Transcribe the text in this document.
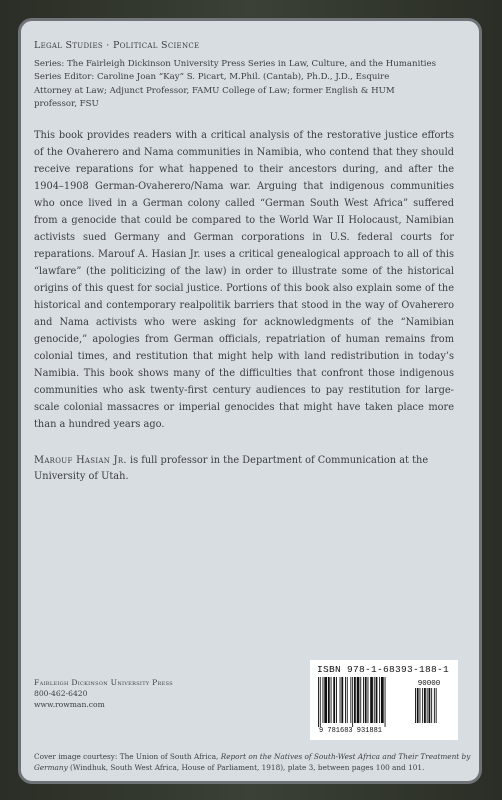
Legal Studies · Political Science

Series: The Fairleigh Dickinson University Press Series in Law, Culture, and the Humanities

Series Editor: Caroline Joan “Kay” S. Picart, M.Phil. (Cantab), Ph.D., J.D., Esquire

Attorney at Law; Adjunct Professor, FAMU College of Law; former English & HUM

professor, FSU

This book provides readers with a critical analysis of the restorative justice efforts of the Ovaherero and Nama communities in Namibia, who contend that they should receive reparations for what happened to their ancestors during, and after the 1904–1908 German-Ovaherero/Nama war. Arguing that indigenous communities who once lived in a German colony called “German South West Africa” suffered from a genocide that could be compared to the World War II Holocaust, Namibian activists sued Germany and German corporations in U.S. federal courts for reparations. Marouf A. Hasian Jr. uses a critical genealogical approach to all of this “lawfare” (the politicizing of the law) in order to illustrate some of the historical origins of this quest for social justice. Portions of this book also explain some of the historical and contemporary realpolitik barriers that stood in the way of Ovaherero and Nama activists who were asking for acknowledgments of the “Namibian genocide,” apologies from German officials, repatriation of human remains from colonial times, and restitution that might help with land redistribution in today’s Namibia. This book shows many of the difficulties that confront those indigenous communities who ask twenty-first century audiences to pay restitution for large-scale colonial massacres or imperial genocides that might have taken place more than a hundred years ago.

Marouf Hasian Jr. is full professor in the Department of Communication at the University of Utah.

Fairleigh Dickinson University Press
800-462-6420
www.rowman.com
ISBN 978-1-68393-188-1
90000
9 781683 931881
Cover image courtesy: The Union of South Africa, Report on the Natives of South-West Africa and Their Treatment by
Germany (Windhuk, South West Africa, House of Parliament, 1918), plate 3, between pages 100 and 101.
